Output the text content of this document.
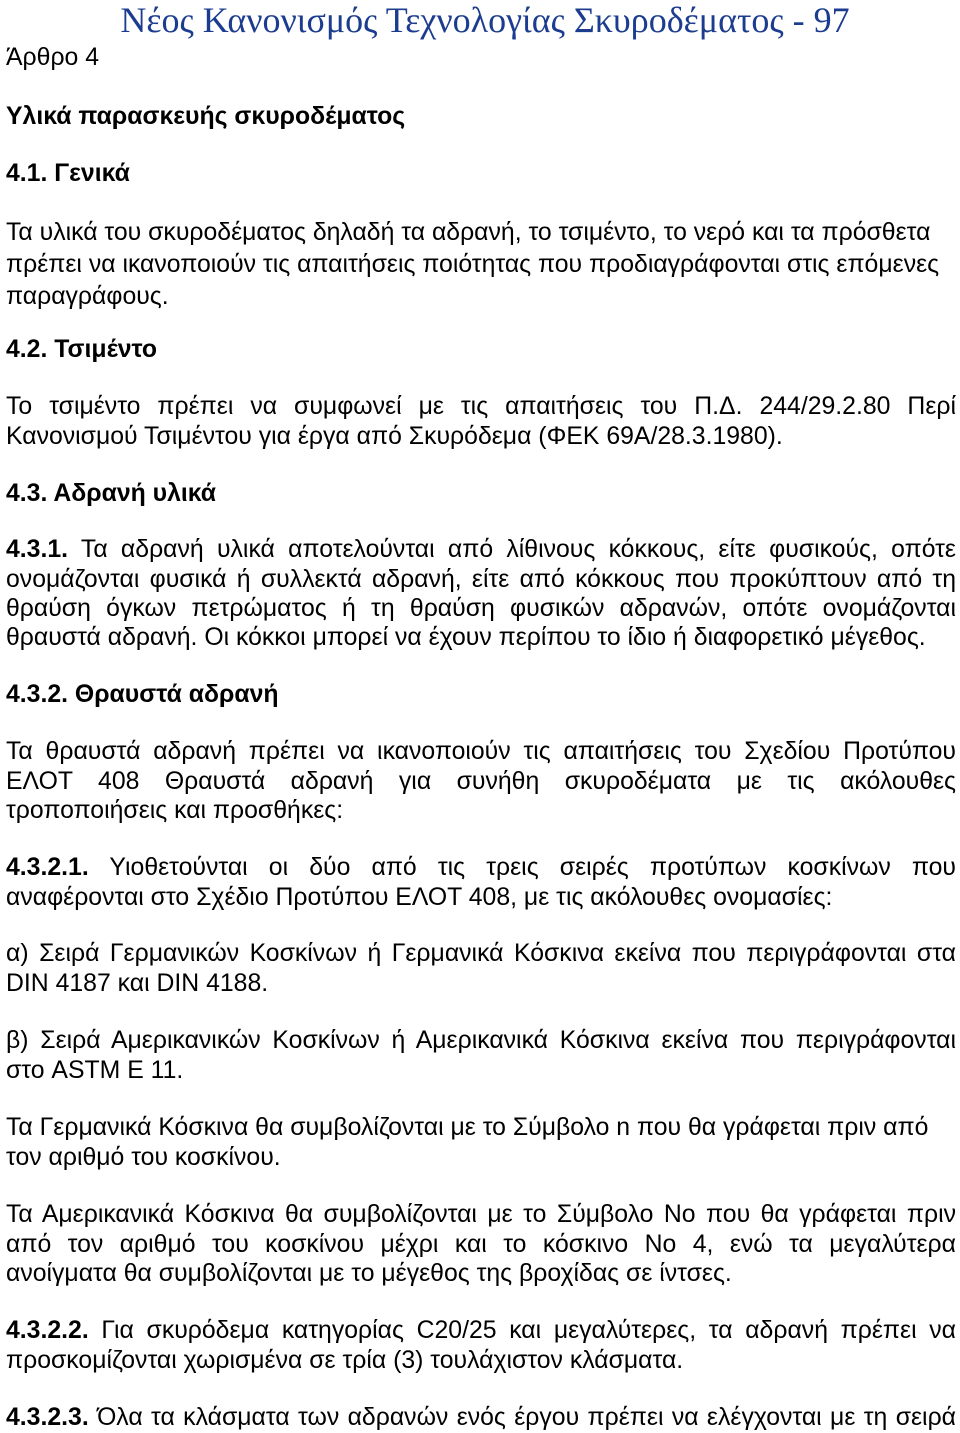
Νέος Κανονισμός Τεχνολογίας Σκυροδέματος - 97
Άρθρο 4
Υλικά παρασκευής σκυροδέματος
4.1. Γενικά
Τα υλικά του σκυροδέματος δηλαδή τα αδρανή, το τσιμέντο, το νερό και τα πρόσθετα
πρέπει να ικανοποιούν τις απαιτήσεις ποιότητας που προδιαγράφονται στις επόμενες
παραγράφους.
4.2. Τσιμέντο
Το τσιμέντο πρέπει να συμφωνεί με τις απαιτήσεις του Π.Δ. 244/29.2.80 Περί
Κανονισμού Τσιμέντου για έργα από Σκυρόδεμα (ΦΕΚ 69Α/28.3.1980).
4.3. Αδρανή υλικά
4.3.1. Τα αδρανή υλικά αποτελούνται από λίθινους κόκκους, είτε φυσικούς, οπότε
ονομάζονται φυσικά ή συλλεκτά αδρανή, είτε από κόκκους που προκύπτουν από τη
θραύση όγκων πετρώματος ή τη θραύση φυσικών αδρανών, οπότε ονομάζονται
θραυστά αδρανή. Οι κόκκοι μπορεί να έχουν περίπου το ίδιο ή διαφορετικό μέγεθος.
4.3.2. Θραυστά αδρανή
Τα θραυστά αδρανή πρέπει να ικανοποιούν τις απαιτήσεις του Σχεδίου Προτύπου
ΕΛΟΤ 408 Θραυστά αδρανή για συνήθη σκυροδέματα με τις ακόλουθες
τροποποιήσεις και προσθήκες:
4.3.2.1. Υιοθετούνται οι δύο από τις τρεις σειρές προτύπων κοσκίνων που
αναφέρονται στο Σχέδιο Προτύπου ΕΛΟΤ 408, με τις ακόλουθες ονομασίες:
α) Σειρά Γερμανικών Κοσκίνων ή Γερμανικά Κόσκινα εκείνα που περιγράφονται στα
DIN 4187 και DIN 4188.
β) Σειρά Αμερικανικών Κοσκίνων ή Αμερικανικά Κόσκινα εκείνα που περιγράφονται
στο ASTM E 11.
Τα Γερμανικά Κόσκινα θα συμβολίζονται με το Σύμβολο n που θα γράφεται πριν από
τον αριθμό του κοσκίνου.
Τα Αμερικανικά Κόσκινα θα συμβολίζονται με το Σύμβολο No που θα γράφεται πριν
από τον αριθμό του κοσκίνου μέχρι και το κόσκινο No 4, ενώ τα μεγαλύτερα
ανοίγματα θα συμβολίζονται με το μέγεθος της βροχίδας σε ίντσες.
4.3.2.2. Για σκυρόδεμα κατηγορίας C20/25 και μεγαλύτερες, τα αδρανή πρέπει να
προσκομίζονται χωρισμένα σε τρία (3) τουλάχιστον κλάσματα.
4.3.2.3. Όλα τα κλάσματα των αδρανών ενός έργου πρέπει να ελέγχονται με τη σειρά
